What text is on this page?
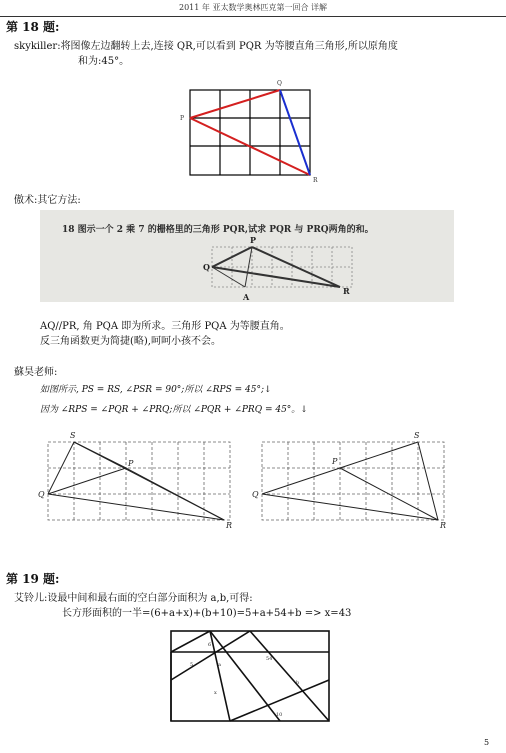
2011 年 亚太数学奥林匹克第一回合 详解
第 18 题:
skykiller:将图像左边翻转上去,连接 QR,可以看到 PQR 为等腰直角三角形,所以原角度
和为:45°。
P
Q
R
傲术:其它方法:
18 图示一个 2 乘 7 的栅格里的三角形 PQR,试求 PQR 与 PRQ两角的和。
Q
P
R
A
AQ//PR, 角 PQA 即为所求。三角形 PQA 为等腰直角。
反三角函数更为简捷(略),呵呵小孩不会。
蘇昊老师:
如图所示, PS = RS, ∠PSR = 90°;所以 ∠RPS = 45°;↓
因为 ∠RPS = ∠PQR + ∠PRQ;所以 ∠PQR + ∠PRQ = 45°。↓
S
P
Q
R
S
P
Q
R
第 19 题:
艾铃儿:设最中间和最右面的空白部分面积为 a,b,可得:
长方形面积的一半=(6+a+x)+(b+10)=5+a+54+b => x=43
6
5	a
54
x
b
10
5
